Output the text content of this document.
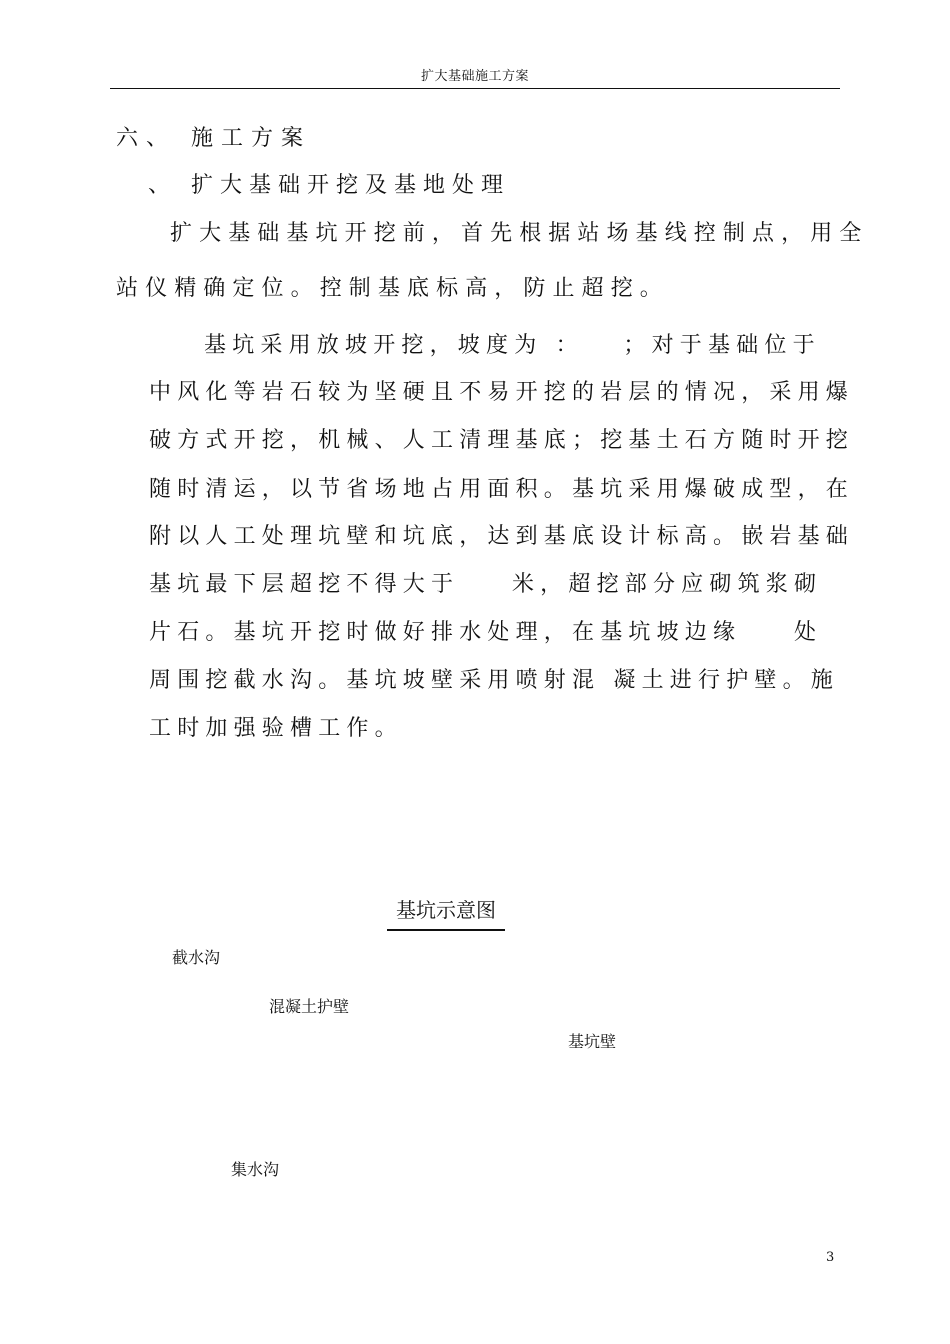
扩大基础施工方案
六、 施工方案
、 扩大基础开挖及基地处理
扩大基础基坑开挖前，首先根据站场基线控制点，用全
站仪精确定位。控制基底标高，防止超挖。
基坑采用放坡开挖，坡度为 ：   ；对于基础位于
中风化等岩石较为坚硬且不易开挖的岩层的情况，采用爆
破方式开挖，机械、人工清理基底；挖基土石方随时开挖
随时清运，以节省场地占用面积。基坑采用爆破成型，在
附以人工处理坑壁和坑底，达到基底设计标高。嵌岩基础
基坑最下层超挖不得大于    米，超挖部分应砌筑浆砌
片石。基坑开挖时做好排水处理，在基坑坡边缘    处
周围挖截水沟。基坑坡壁采用喷射混 凝土进行护壁。施
工时加强验槽工作。
基坑示意图
截水沟
混凝土护壁
基坑壁
集水沟
3
